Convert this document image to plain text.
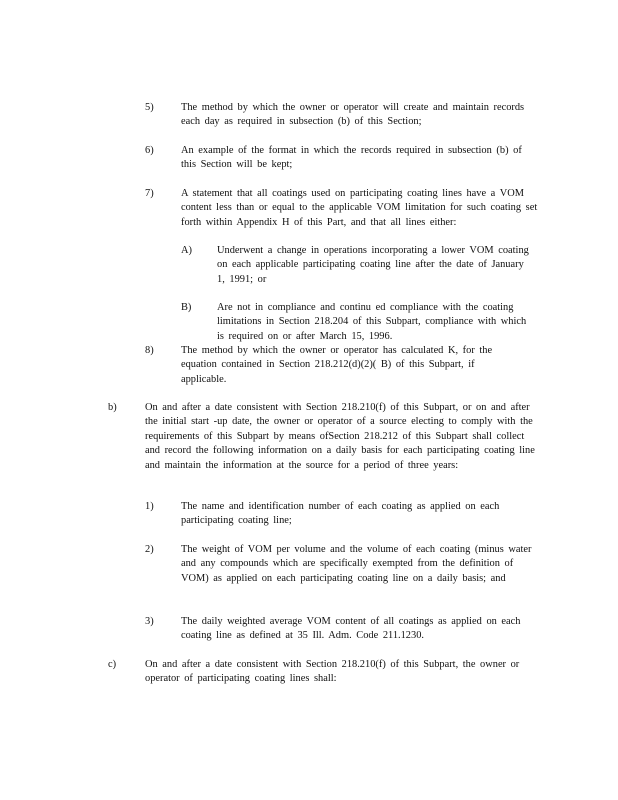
5)	The method by which the owner or operator will create and maintain records each day as required in subsection (b) of this Section;
6)	An example of the format in which the records required in subsection (b) of this Section will be kept;
7)	A statement that all coatings used on participating coating lines have a VOM content less than or equal to the applicable VOM limitation for such coating set forth within Appendix H of this Part, and that all lines either:
A) Underwent a change in operations incorporating a lower VOM coating on each applicable participating coating line after the date of January 1, 1991; or
B) Are not in compliance and continu ed compliance with the coating limitations in Section 218.204 of this Subpart, compliance with which is required on or after March 15, 1996.
8)	The method by which the owner or operator has calculated K, for the equation contained in Section 218.212(d)(2)( B) of this Subpart, if applicable.
b)	On and after a date consistent with Section 218.210(f) of this Subpart, or on and after the initial start -up date, the owner or operator of a source electing to comply with the requirements of this Subpart by means ofSection 218.212 of this Subpart shall collect and record the following information on a daily basis for each participating coating line and maintain the information at the source for a period of three years:
1)	The name and identification number of each coating as applied on each participating coating line;
2)	The weight of VOM per volume and the volume of each coating (minus water and any compounds which are specifically exempted from the definition of VOM) as applied on each participating coating line on a daily basis; and
3)	The daily weighted average VOM content of all coatings as applied on each coating line as defined at 35 Ill. Adm. Code 211.1230.
c)	On and after a date consistent with Section 218.210(f) of this Subpart, the owner or operator of participating coating lines shall:
